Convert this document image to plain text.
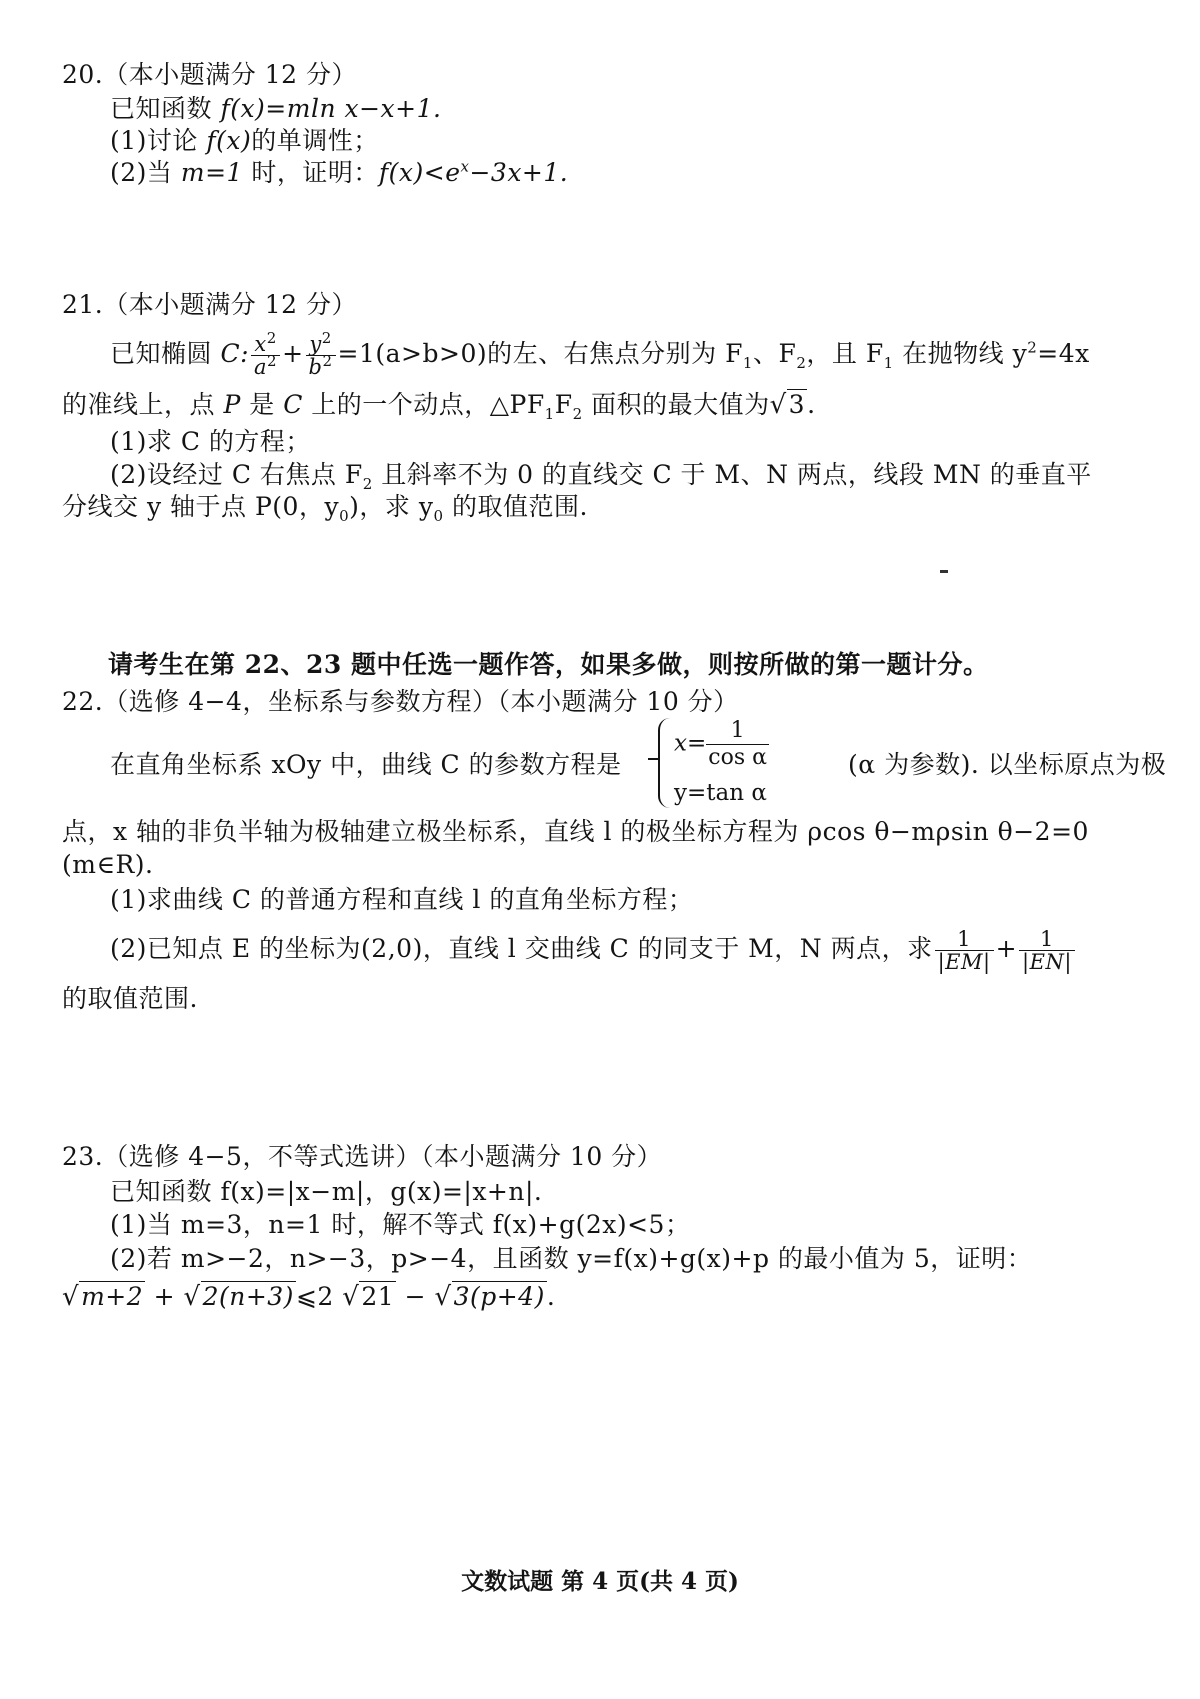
20.（本小题满分 12 分）
已知函数 f(x)=mln x−x+1.
(1)讨论 f(x)的单调性；
(2)当 m=1 时，证明：$f(x)<e^x-3x+1$.
21.（本小题满分 12 分）
已知椭圆 C: $\frac{x^2}{a^2} + \frac{y^2}{b^2} =1(a>b>0)$的左、右焦点分别为 $F_1$、$F_2$，且 $F_1$ 在抛物线 $y^2=4x$
的准线上，点 P 是 C 上的一个动点，$\triangle PF_1F_2$ 面积的最大值为√3.
(1)求 C 的方程；
(2)设经过 C 右焦点 $F_2$ 且斜率不为 0 的直线交 C 于 M、N 两点，线段 MN 的垂直平
分线交 y 轴于点 P(0，$y_0$)，求 $y_0$ 的取值范围.
请考生在第 22、23 题中任选一题作答，如果多做，则按所做的第一题计分。
22.（选修 4−4，坐标系与参数方程）（本小题满分 10 分）
在直角坐标系 xOy 中，曲线 C 的参数方程是
$x= \frac{1}{\text{cos α}}$
y=tan α
(α 为参数). 以坐标原点为极
点，x 轴的非负半轴为极轴建立极坐标系，直线 l 的极坐标方程为 ρcos θ−mρsin θ−2=0
(m∈R).
(1)求曲线 C 的普通方程和直线 l 的直角坐标方程；
(2)已知点 E 的坐标为(2,0)，直线 l 交曲线 C 的同支于 M，N 两点，求 $\frac{1}{|EM|} + \frac{1}{|EN|}$
的取值范围.
23.（选修 4−5，不等式选讲）（本小题满分 10 分）
已知函数 f(x)=|x−m|，g(x)=|x+n|.
(1)当 m=3，n=1 时，解不等式 f(x)+g(2x)<5；
(2)若 m>−2，n>−3，p>−4，且函数 y=f(x)+g(x)+p 的最小值为 5，证明：
√m+2 + √2(n+3)⩽2 √21 − √3(p+4).
文数试题 第 4 页(共 4 页)
